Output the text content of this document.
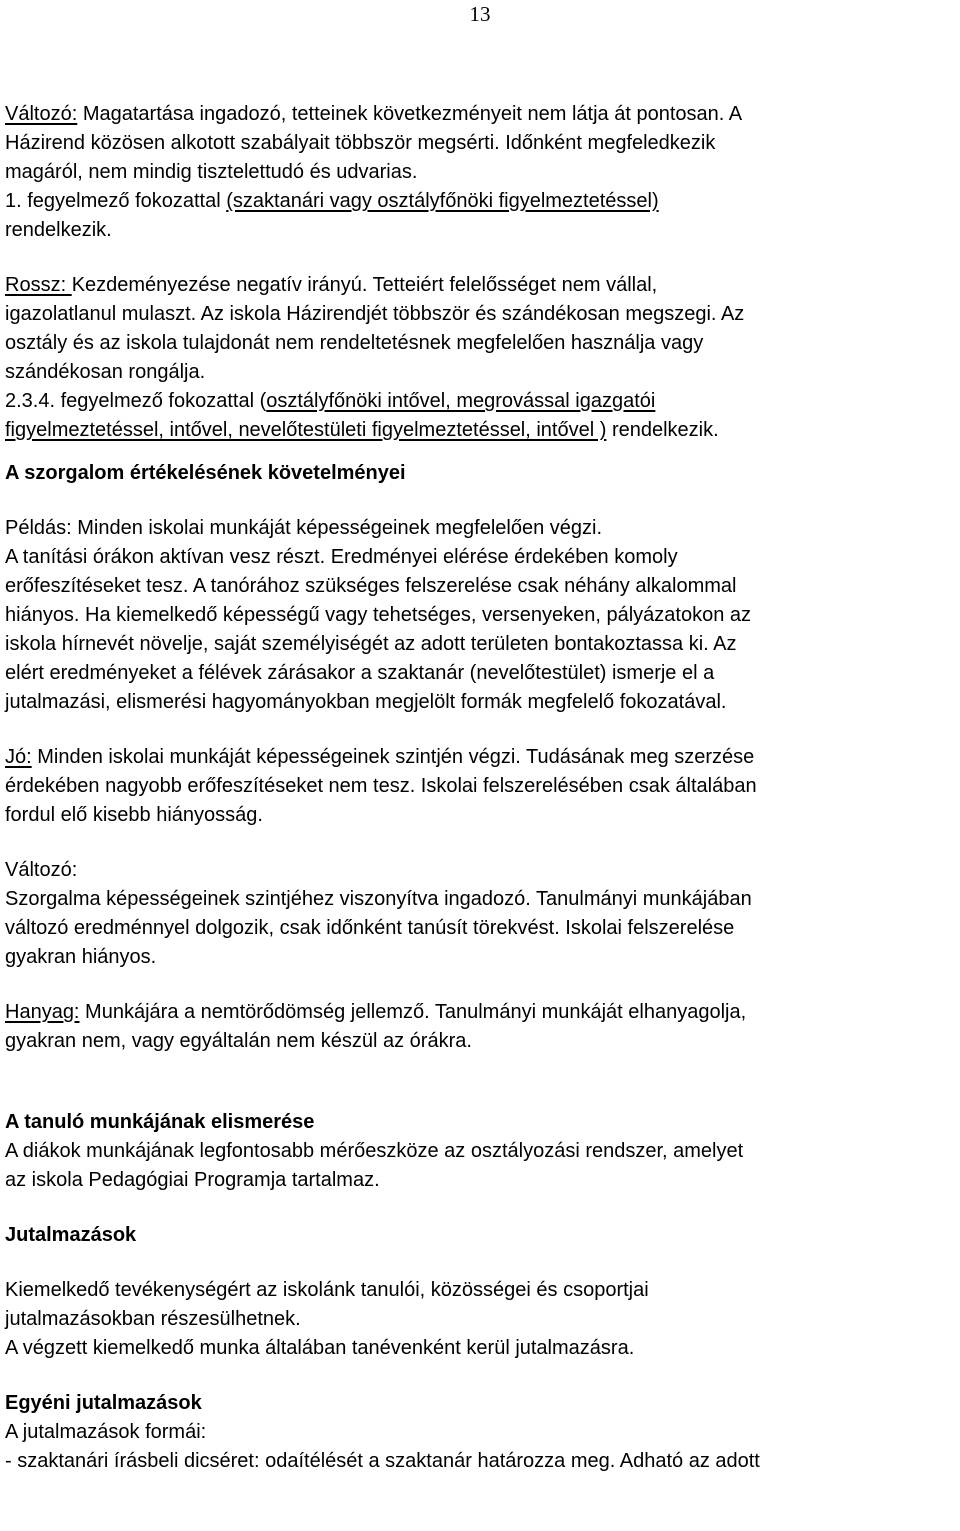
13

Változó: Magatartása ingadozó, tetteinek következményeit nem látja át pontosan. A

Házirend közösen alkotott szabályait többször megsérti. Időnként megfeledkezik

magáról, nem mindig tisztelettudó és udvarias.

1. fegyelmező fokozattal (szaktanári vagy osztályfőnöki figyelmeztetéssel)

rendelkezik.

Rossz: Kezdeményezése negatív irányú. Tetteiért felelősséget nem vállal,

igazolatlanul mulaszt. Az iskola Házirendjét többször és szándékosan megszegi. Az

osztály és az iskola tulajdonát nem rendeltetésnek megfelelően használja vagy

szándékosan rongálja.

2.3.4. fegyelmező fokozattal (osztályfőnöki intővel, megrovással igazgatói

figyelmeztetéssel, intővel, nevelőtestületi figyelmeztetéssel, intővel ) rendelkezik.

A szorgalom értékelésének követelményei

Példás: Minden iskolai munkáját képességeinek megfelelően végzi.

A tanítási órákon aktívan vesz részt. Eredményei elérése érdekében komoly

erőfeszítéseket tesz. A tanórához szükséges felszerelése csak néhány alkalommal

hiányos. Ha kiemelkedő képességű vagy tehetséges, versenyeken, pályázatokon az

iskola hírnevét növelje, saját személyiségét az adott területen bontakoztassa ki. Az

elért eredményeket a félévek zárásakor a szaktanár (nevelőtestület) ismerje el a

jutalmazási, elismerési hagyományokban megjelölt formák megfelelő fokozatával.

Jó: Minden iskolai munkáját képességeinek szintjén végzi. Tudásának meg szerzése

érdekében nagyobb erőfeszítéseket nem tesz. Iskolai felszerelésében csak általában

fordul elő kisebb hiányosság.

Változó:

Szorgalma képességeinek szintjéhez viszonyítva ingadozó. Tanulmányi munkájában

változó eredménnyel dolgozik, csak időnként tanúsít törekvést. Iskolai felszerelése

gyakran hiányos.

Hanyag: Munkájára a nemtörődömség jellemző. Tanulmányi munkáját elhanyagolja,

gyakran nem, vagy egyáltalán nem készül az órákra.

A tanuló munkájának elismerése

A diákok munkájának legfontosabb mérőeszköze az osztályozási rendszer, amelyet

az iskola Pedagógiai Programja tartalmaz.

Jutalmazások

Kiemelkedő tevékenységért az iskolánk tanulói, közösségei és csoportjai

jutalmazásokban részesülhetnek.

A végzett kiemelkedő munka általában tanévenként kerül jutalmazásra.

Egyéni jutalmazások

A jutalmazások formái:

- szaktanári írásbeli dicséret: odaítélését a szaktanár határozza meg. Adható az adott
